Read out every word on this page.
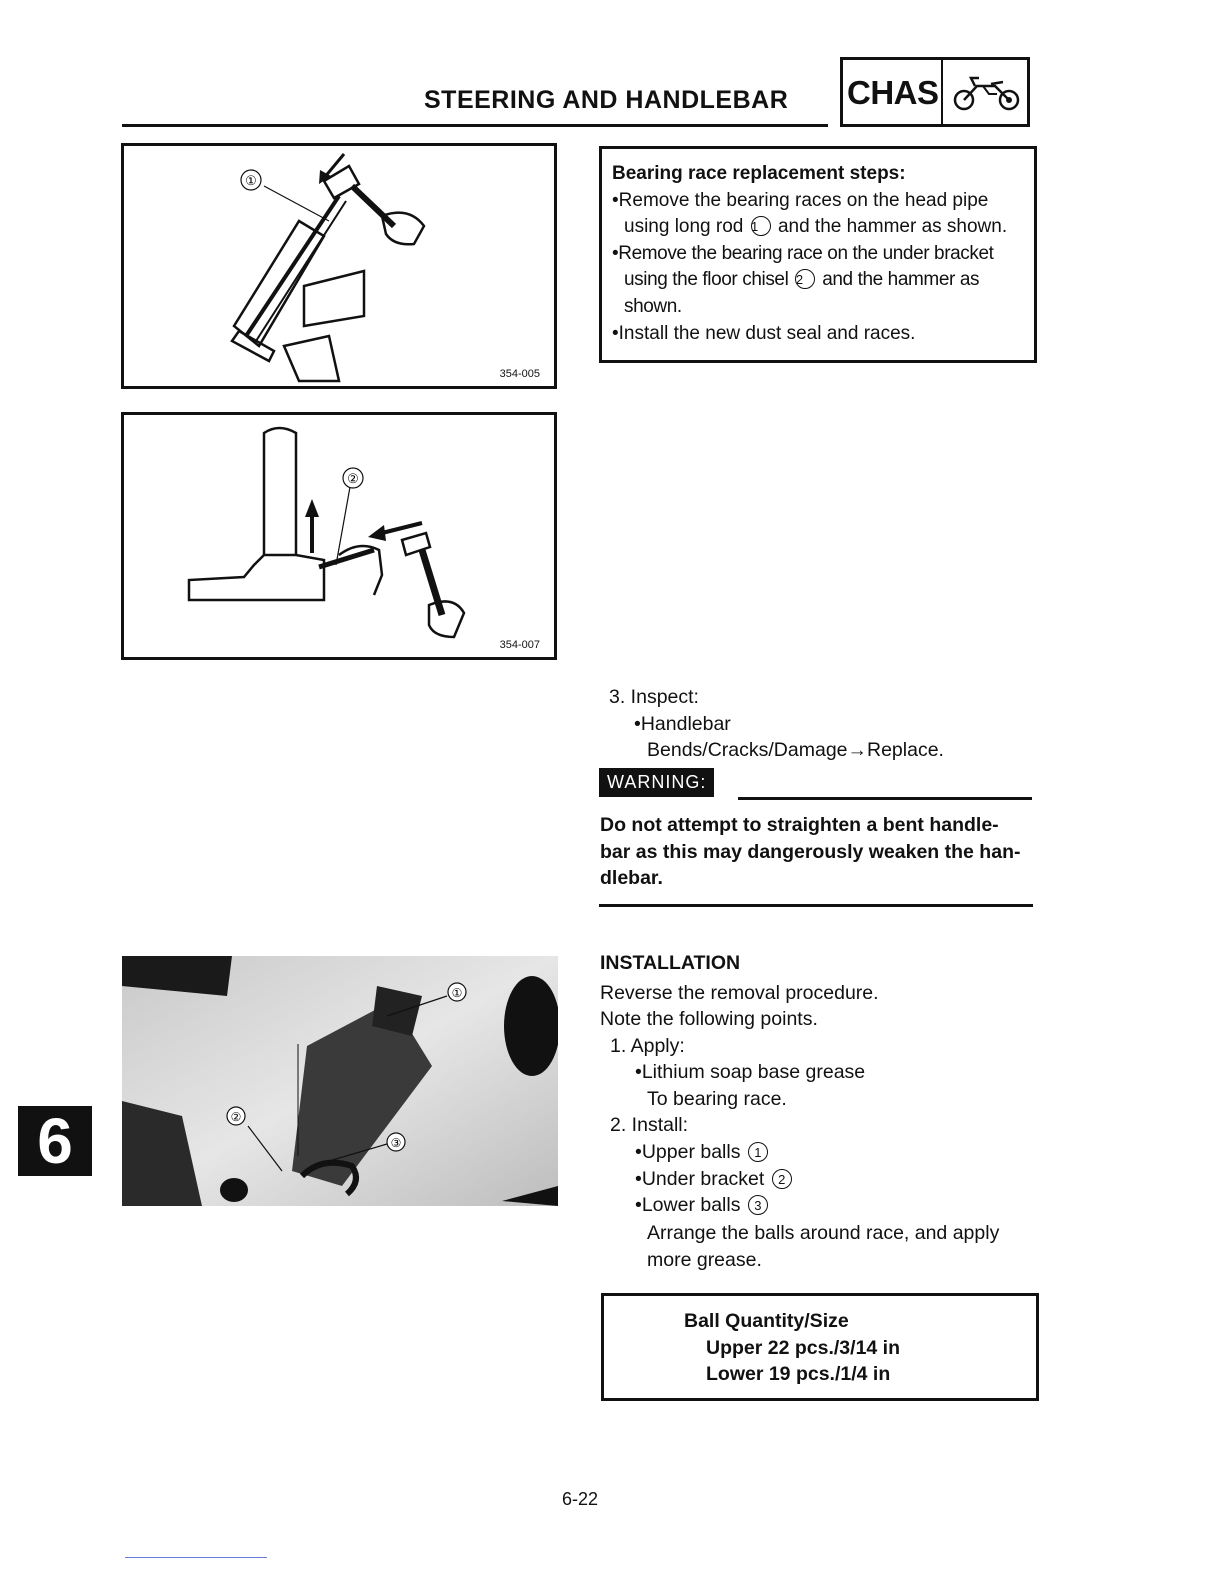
STEERING AND HANDLEBAR CHAS
①
354-005
②
354-007
①
②
③
Bearing race replacement steps:
•Remove the bearing races on the head pipe
using long rod 1 and the hammer as shown.
•Remove the bearing race on the under bracket
using the floor chisel 2 and the hammer as
shown.
•Install the new dust seal and races.
3. Inspect:
•Handlebar
Bends/Cracks/Damage→Replace.
WARNING:
Do not attempt to straighten a bent handle-
bar as this may dangerously weaken the han-
dlebar.
INSTALLATION
Reverse the removal procedure.
Note the following points.
1. Apply:
•Lithium soap base grease
To bearing race.
2. Install:
•Upper balls 1
•Under bracket 2
•Lower balls 3
Arrange the balls around race, and apply
more grease.
Ball Quantity/Size
Upper 22 pcs./3/14 in
Lower 19 pcs./1/4 in
6
6-22
